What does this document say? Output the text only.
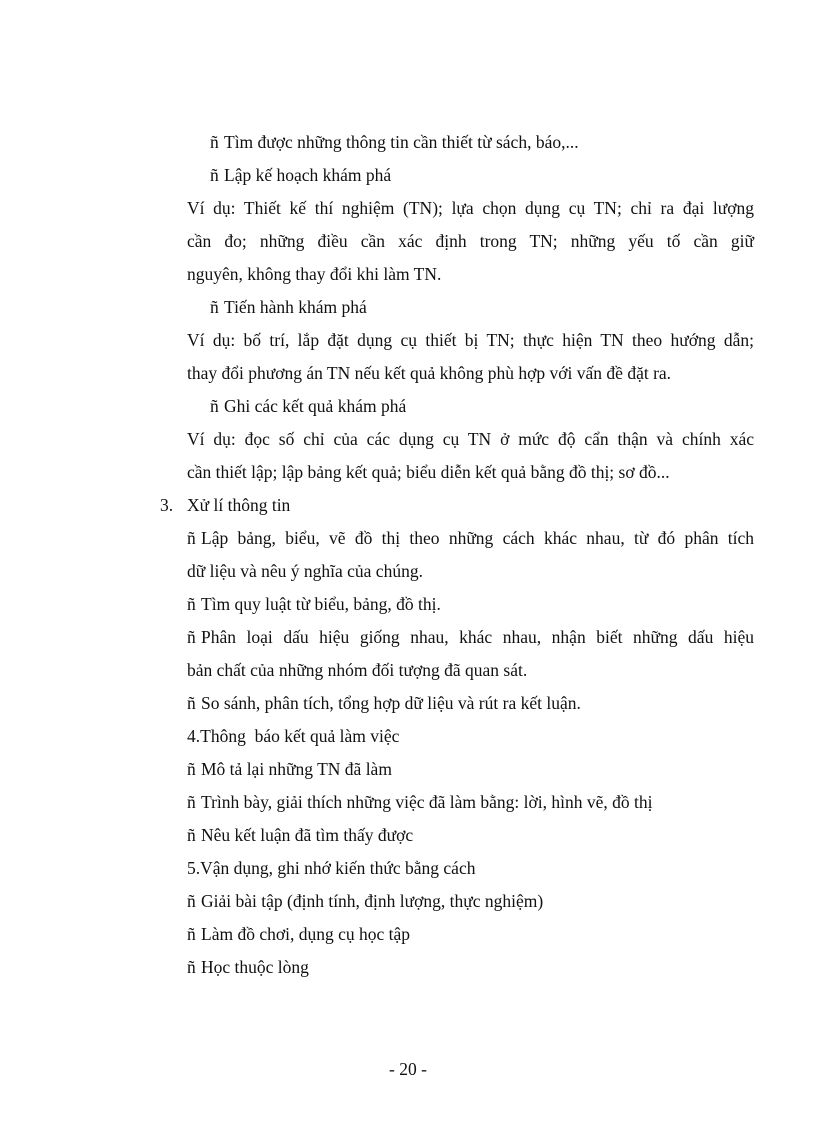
ñ Tìm được những thông tin cần thiết từ sách, báo,...
ñ Lập kế hoạch khám phá
Ví dụ: Thiết kế thí nghiệm (TN); lựa chọn dụng cụ TN; chỉ ra đại lượng
cần đo; những điều cần xác định trong TN; những yếu tố cần giữ
nguyên, không thay đổi khi làm TN.
ñ Tiến hành khám phá
Ví dụ: bố trí, lắp đặt dụng cụ thiết bị TN; thực hiện TN theo hướng dẫn;
thay đổi phương án TN nếu kết quả không phù hợp với vấn đề đặt ra.
ñ Ghi các kết quả khám phá
Ví dụ: đọc số chỉ của các dụng cụ TN ở mức độ cẩn thận và chính xác
cần thiết lập; lập bảng kết quả; biểu diễn kết quả bằng đồ thị; sơ đồ...
3. Xử lí thông tin
ñ Lập bảng, biểu, vẽ đồ thị theo những cách khác nhau, từ đó phân tích
dữ liệu và nêu ý nghĩa của chúng.
ñ Tìm quy luật từ biểu, bảng, đồ thị.
ñ Phân loại dấu hiệu giống nhau, khác nhau, nhận biết những dấu hiệu
bản chất của những nhóm đối tượng đã quan sát.
ñ So sánh, phân tích, tổng hợp dữ liệu và rút ra kết luận.
4.Thông  báo kết quả làm việc
ñ Mô tả lại những TN đã làm
ñ Trình bày, giải thích những việc đã làm bằng: lời, hình vẽ, đồ thị
ñ Nêu kết luận đã tìm thấy được
5.Vận dụng, ghi nhớ kiến thức bằng cách
ñ Giải bài tập (định tính, định lượng, thực nghiệm)
ñ Làm đồ chơi, dụng cụ học tập
ñ Học thuộc lòng
- 20 -
